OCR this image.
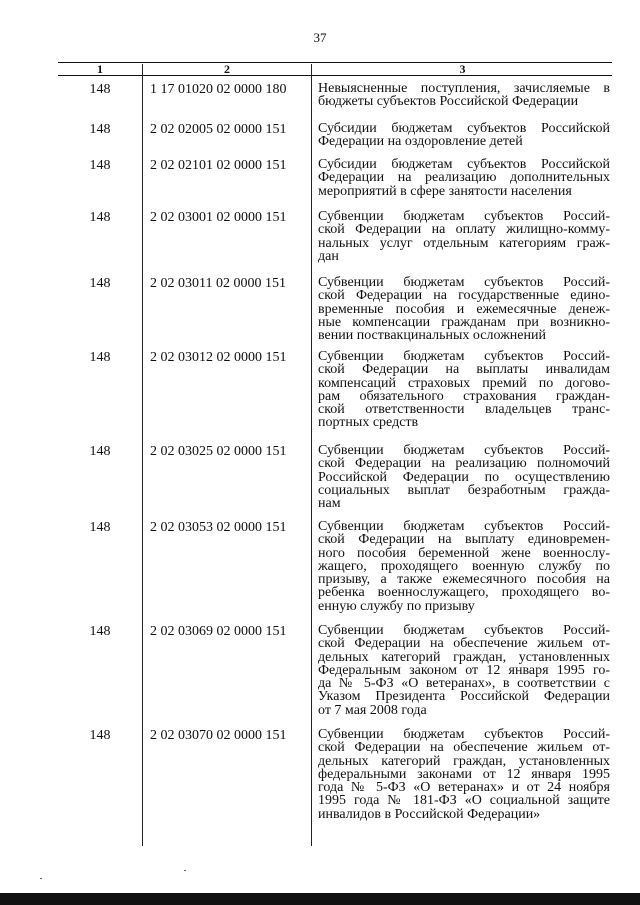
37
1	2	3
148	1 17 01020 02 0000 180	Невыясненные поступления, зачисляемые в
бюджеты субъектов Российской Федерации
148	2 02 02005 02 0000 151	Субсидии бюджетам субъектов Российской
Федерации на оздоровление детей
148	2 02 02101 02 0000 151	Субсидии бюджетам субъектов Российской
Федерации на реализацию дополнительных
мероприятий в сфере занятости населения
148	2 02 03001 02 0000 151	Субвенции бюджетам субъектов Россий-
ской Федерации на оплату жилищно-комму-
нальных услуг отдельным категориям граж-
дан
148	2 02 03011 02 0000 151	Субвенции бюджетам субъектов Россий-
ской Федерации на государственные едино-
временные пособия и ежемесячные денеж-
ные компенсации гражданам при возникно-
вении поствакцинальных осложнений
148	2 02 03012 02 0000 151	Субвенции бюджетам субъектов Россий-
ской Федерации на выплаты инвалидам
компенсаций страховых премий по догово-
рам обязательного страхования граждан-
ской ответственности владельцев транс-
портных средств
148	2 02 03025 02 0000 151	Субвенции бюджетам субъектов Россий-
ской Федерации на реализацию полномочий
Российской Федерации по осуществлению
социальных выплат безработным гражда-
нам
148	2 02 03053 02 0000 151	Субвенции бюджетам субъектов Россий-
ской Федерации на выплату единовремен-
ного пособия беременной жене военнослу-
жащего, проходящего военную службу по
призыву, а также ежемесячного пособия на
ребенка военнослужащего, проходящего во-
енную службу по призыву
148	2 02 03069 02 0000 151	Субвенции бюджетам субъектов Россий-
ской Федерации на обеспечение жильем от-
дельных категорий граждан, установленных
Федеральным законом от 12 января 1995 го-
да № 5-ФЗ «О ветеранах», в соответствии с
Указом Президента Российской Федерации
от 7 мая 2008 года
148	2 02 03070 02 0000 151	Субвенции бюджетам субъектов Россий-
ской Федерации на обеспечение жильем от-
дельных категорий граждан, установленных
федеральными законами от 12 января 1995
года № 5-ФЗ «О ветеранах» и от 24 ноября
1995 года № 181-ФЗ «О социальной защите
инвалидов в Российской Федерации»
